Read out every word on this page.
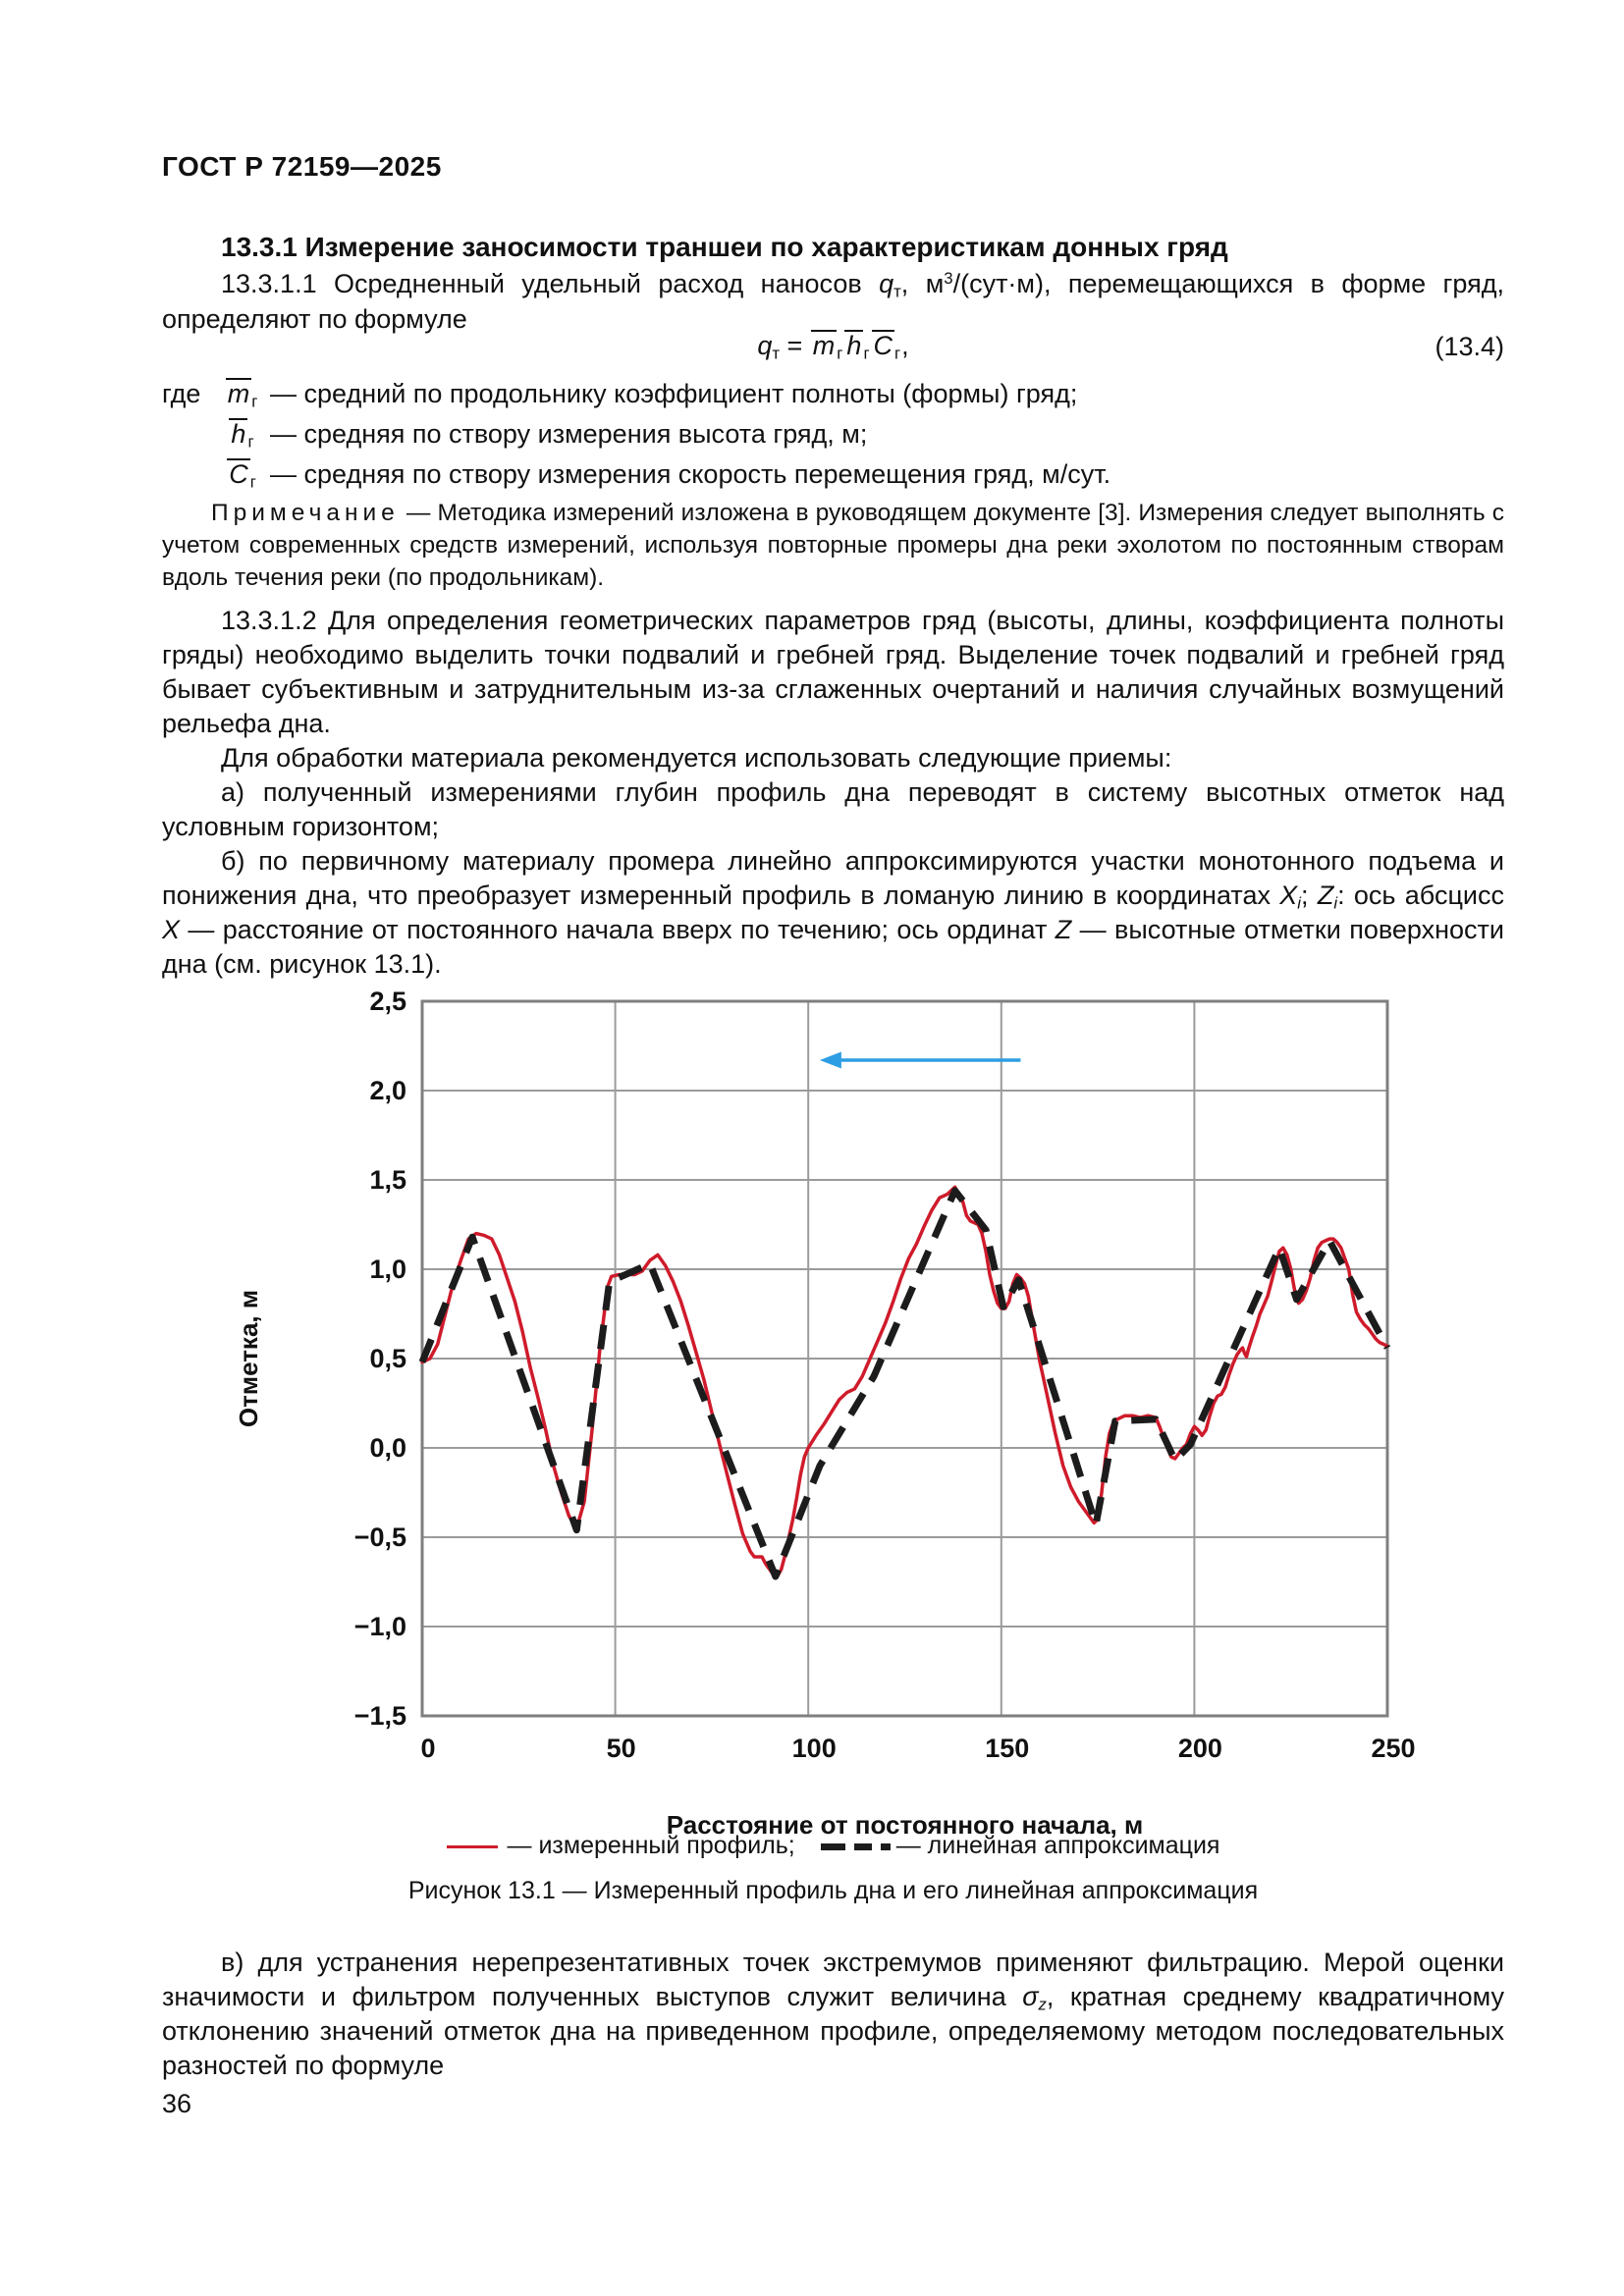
ГОСТ Р 72159—2025
13.3.1 Измерение заносимости траншеи по характеристикам донных гряд

13.3.1.1 Осредненный удельный расход наносов $q_т$, $м^3/(сут\cdot м)$, перемещающихся в форме гряд, определяют по формуле

$q_т = m$ $_г$ h $_г$ C $_г$,	(13.4)
где	m $_г$ — средний по продольнику коэффициент полноты (формы) гряд;
h $_г$ — средняя по створу измерения высота гряд, м;
C $_г$ — средняя по створу измерения скорость перемещения гряд, м/сут.

Примечание — Методика измерений изложена в руководящем документе [3]. Измерения следует выполнять с учетом современных средств измерений, используя повторные промеры дна реки эхолотом по постоянным створам вдоль течения реки (по продольникам).

13.3.1.2 Для определения геометрических параметров гряд (высоты, длины, коэффициента полноты гряды) необходимо выделить точки подвалий и гребней гряд. Выделение точек подвалий и гребней гряд бывает субъективным и затруднительным из-за сглаженных очертаний и наличия случайных возмущений рельефа дна.

Для обработки материала рекомендуется использовать следующие приемы:

а) полученный измерениями глубин профиль дна переводят в систему высотных отметок над условным горизонтом;

б) по первичному материалу промера линейно аппроксимируются участки монотонного подъема и понижения дна, что преобразует измеренный профиль в ломаную линию в координатах $X_i$; $Z_i$: ось абсцисс X — расстояние от постоянного начала вверх по течению; ось ординат Z — высотные отметки поверхности дна (см. рисунок 13.1).

2,5
2,0
1,5
1,0
0,5
0,0
−0,5
−1,0
−1,5
0	50	100	150	200	250
Отметка, м
Расстояние от постоянного начала, м
— измеренный профиль;	— линейная аппроксимация
Рисунок 13.1 — Измеренный профиль дна и его линейная аппроксимация

в) для устранения нерепрезентативных точек экстремумов применяют фильтрацию. Мерой оценки значимости и фильтром полученных выступов служит величина $\sigma_z$, кратная среднему квадратичному отклонению значений отметок дна на приведенном профиле, определяемому методом последовательных разностей по формуле

36
